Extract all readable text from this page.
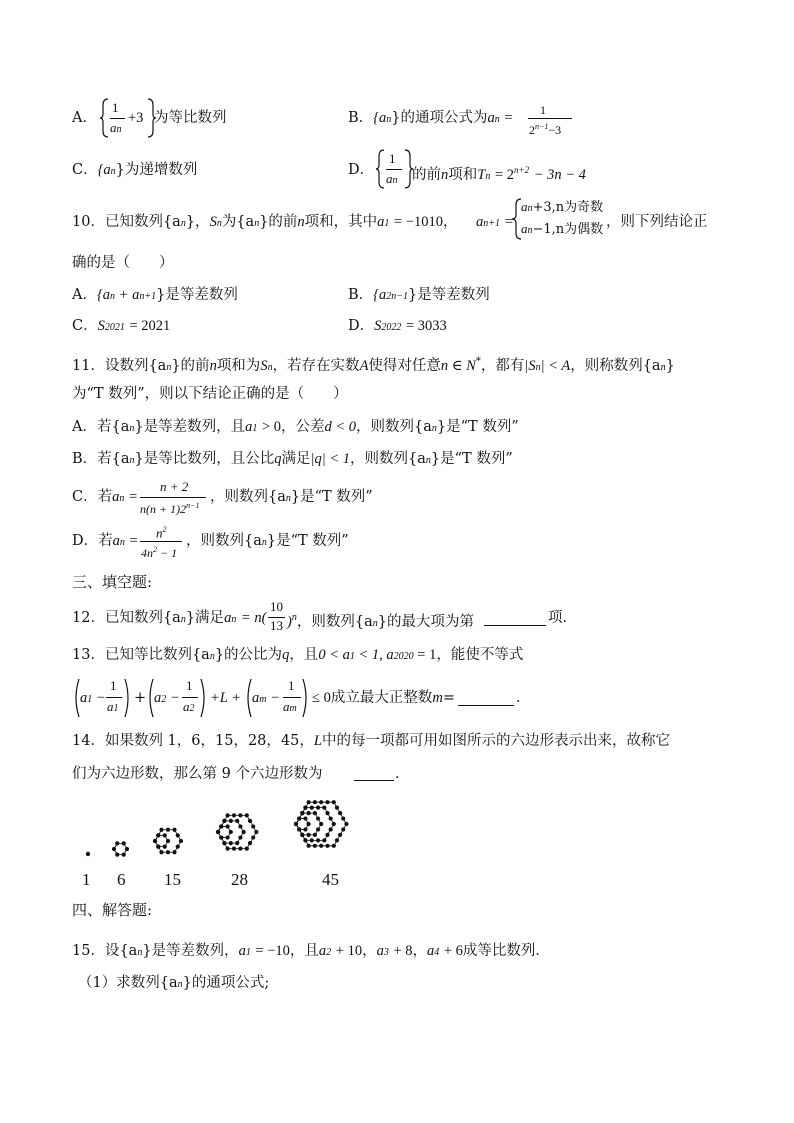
A．
1
an
+3 为等比数列	B．{an}的通项公式为an = 1
$2^{n-1}-3$
C．{an}为递增数列	D．
1
an 的前n项和$Tn = 2^{n+2} - 3n - 4$
10．已知数列{an}，Sn为{an}的前n项和，其中a1 = −1010， an+1 =
an+3,n为奇数
an−1,n为偶数 ，则下列结论正
确的是（　　）
A．{an + an+1}是等差数列	B．{a2n−1}是等差数列
C．S2021 = 2021	D．S2022 = 3033
11．设数列{an}的前n项和为Sn，若存在实数A使得对任意n ∈ N*，都有|Sn| < A，则称数列{an}
为“T 数列”，则以下结论正确的是（　　）
A．若{an}是等差数列，且a1 > 0，公差d < 0，则数列{an}是“T 数列”
B．若{an}是等比数列，且公比q满足|q| < 1，则数列{an}是“T 数列”
C．若an =
n + 2
$n(n + 1)2^{n-1}$
，则数列{an}是“T 数列”
D．若an =
$n^2$
$4n^2 - 1$
，则数列{an}是“T 数列”
三、填空题:
12．已知数列{an}满足an = n(
10
13 )$^n$，则数列{an}的最大项为第	项．
13．已知等比数列{an}的公比为q，且0 < a1 < 1, a2020 = 1，能使不等式
a1 −
1
a1
+ a2 −
1
a2
+L + am −
1
am
≤ 0成立最大正整数m=	．
14．如果数列 1，6，15，28，45，L中的每一项都可用如图所示的六边形表示出来，故称它
们为六边形数，那么第 9 个六边形数为	．
1 6 15	28	45
四、解答题:
15．设{an}是等差数列，a1 = −10，且a2 + 10，a3 + 8，a4 + 6成等比数列．
（1）求数列{an}的通项公式;
